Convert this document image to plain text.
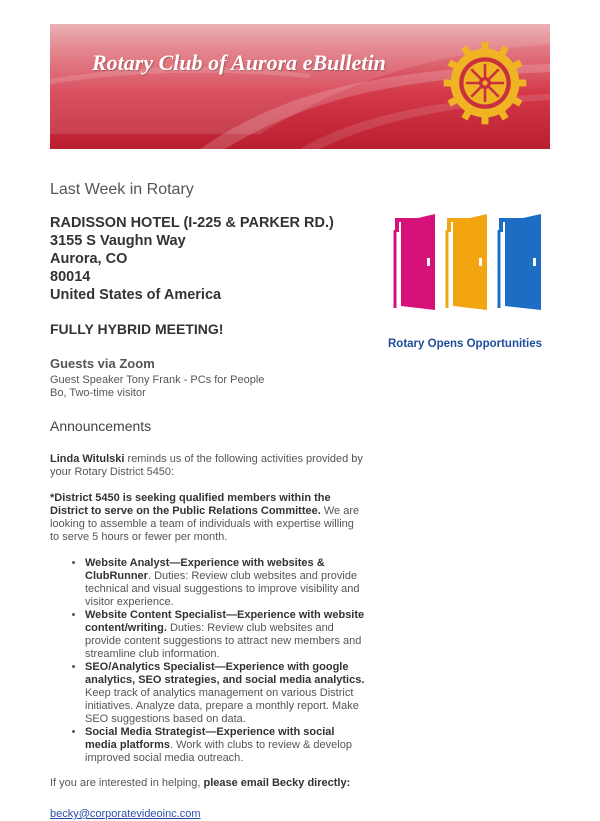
Rotary Club of Aurora eBulletin
Last Week in Rotary
RADISSON HOTEL (I-225 & PARKER RD.)
3155 S Vaughn Way
Aurora, CO
80014
United States of America
FULLY HYBRID MEETING!
Guests via Zoom

Guest Speaker Tony Frank - PCs for People

Bo, Two-time visitor

Announcements

Linda Witulski reminds us of the following activities provided by your Rotary District 5450:

*District 5450 is seeking qualified members within the District to serve on the Public Relations Committee. We are looking to assemble a team of individuals with expertise willing to serve 5 hours or fewer per month.

• Website Analyst—Experience with websites & ClubRunner. Duties: Review club websites and provide technical and visual suggestions to improve visibility and visitor experience.
• Website Content Specialist—Experience with website content/writing. Duties: Review club websites and provide content suggestions to attract new members and streamline club information.
• SEO/Analytics Specialist—Experience with google analytics, SEO strategies, and social media analytics. Keep track of analytics management on various District initiatives. Analyze data, prepare a monthly report. Make SEO suggestions based on data.
• Social Media Strategist—Experience with social media platforms. Work with clubs to review & develop improved social media outreach.

If you are interested in helping, please email Becky directly:

becky@corporatevideoinc.com
Rotary Opens Opportunities
